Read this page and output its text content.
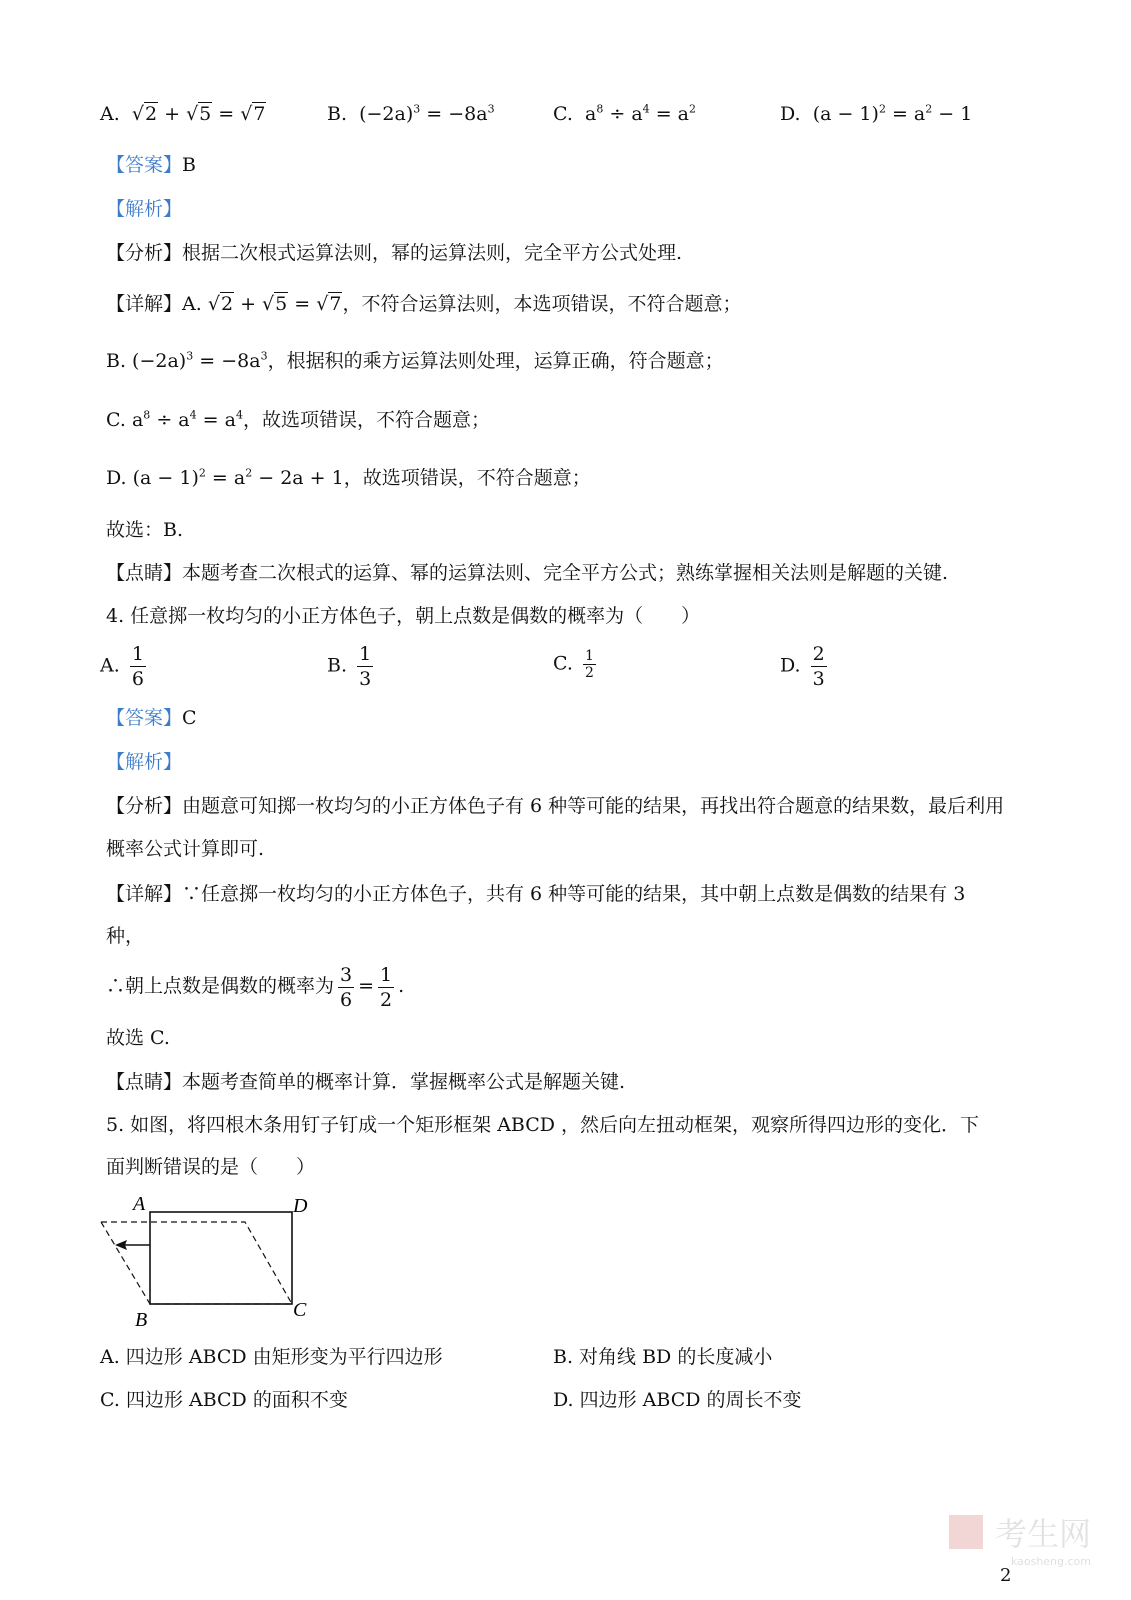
A. √2 + √5 = √7	B.  $(-2a)^3 = -8a^3$	C.  $a^8 \div a^4 = a^2$	D.  $(a - 1)^2 = a^2 - 1$
【答案】B
【解析】
【分析】根据二次根式运算法则，幂的运算法则，完全平方公式处理.
【详解】A. √2 + √5 = √7，不符合运算法则，本选项错误，不符合题意；
B. $(-2a)^3 = -8a^3$，根据积的乘方运算法则处理，运算正确，符合题意；
C. $a^8 \div a^4 = a^4$，故选项错误，不符合题意；
D. $(a - 1)^2 = a^2 - 2a + 1$，故选项错误，不符合题意；
故选：B.
【点睛】本题考查二次根式的运算、幂的运算法则、完全平方公式；熟练掌握相关法则是解题的关键.
4. 任意掷一枚均匀的小正方体色子，朝上点数是偶数的概率为（　　）
A. $\frac{1}{6}$	B. $\frac{1}{3}$	C. $\frac{1}{2}$	D. $\frac{2}{3}$
【答案】C
【解析】
【分析】由题意可知掷一枚均匀的小正方体色子有 6 种等可能的结果，再找出符合题意的结果数，最后利用
概率公式计算即可.
【详解】∵任意掷一枚均匀的小正方体色子，共有 6 种等可能的结果，其中朝上点数是偶数的结果有 3
种，
∴朝上点数是偶数的概率为 $\frac{3}{6} = \frac{1}{2}$ .
故选 C.
【点睛】本题考查简单的概率计算．掌握概率公式是解题关键.
5. 如图，将四根木条用钉子钉成一个矩形框架 ABCD ，然后向左扭动框架，观察所得四边形的变化．下
面判断错误的是（　　）
A	D
B	C
A. 四边形 ABCD 由矩形变为平行四边形	B. 对角线 BD 的长度减小
C. 四边形 ABCD 的面积不变	D. 四边形 ABCD 的周长不变
考生网
kaosheng.com
2
